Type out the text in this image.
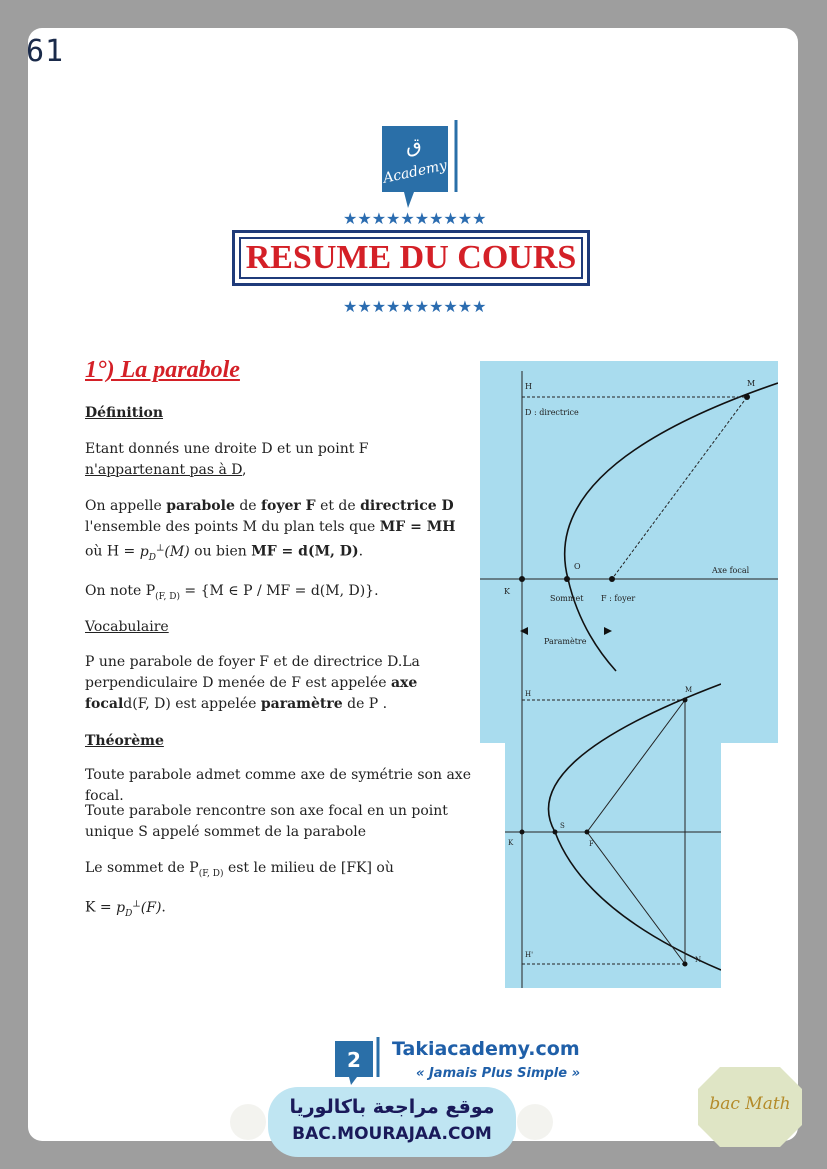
61
ق
Academy
★★★★★★★★★★
RESUME DU COURS
★★★★★★★★★★
1°) La parabole
Définition
Etant donnés une droite D et un point F n'appartenant pas à D,
On appelle parabole de foyer F et de directrice D l'ensemble des points M du plan tels que MF = MH où $H = p_D^\perp(M)$ ou bien MF = d(M, D).
On note $P_{(F, D)} = \{M$ ∈ P / MF = d(M, D)}.
Vocabulaire
P une parabole de foyer F et de directrice D.La perpendiculaire D menée de F est appelée axe focald(F, D) est appelée paramètre de P .
Théorème
Toute parabole admet comme axe de symétrie son axe focal.
Toute parabole rencontre son axe focal en un point unique S appelé sommet de la parabole
Le sommet de $P_{(F, D)}$ est le milieu de [FK] où
$K = p_D^\perp(F)$.
H	M
D : directrice
O	Axe focal
K
Sommet F : foyer
Paramètre
H	M
K
S
F
H'
N
2 Takiacademy.com
« Jamais Plus Simple »
موقع مراجعة باكالوريا
BAC.MOURAJAA.COM
bac Math
